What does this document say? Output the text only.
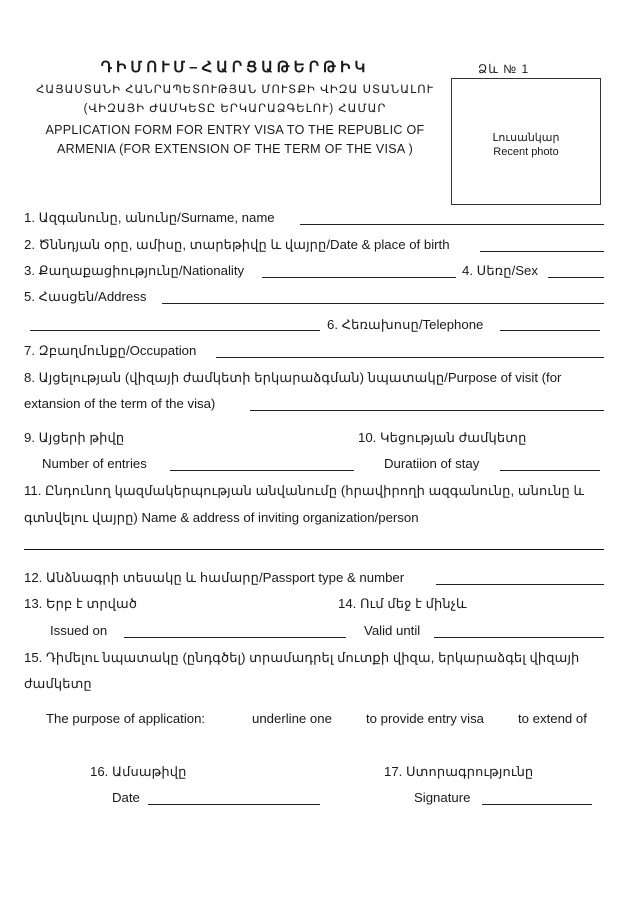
ԴԻՄՈՒՄ–ՀԱՐՑԱԹԵՐԹԻԿ
ՀԱՅԱՍՏԱՆԻ ՀԱՆՐԱՊԵՏՈՒԹՅԱՆ ՄՈՒՏՔԻ ՎԻԶԱ ՍՏԱՆԱԼՈՒ
(ՎԻԶԱՅԻ ԺԱՄԿԵՏԸ ԵՐԿԱՐԱՁԳԵԼՈՒ) ՀԱՄԱՐ
APPLICATION FORM FOR ENTRY VISA TO THE REPUBLIC OF
ARMENIA (FOR EXTENSION OF THE TERM OF THE VISA )
Ձև № 1
Լուսանկար
Recent photo
1. Ազգանունը, անունը/Surname, name
2. Ծննդյան օրը, ամիսը, տարեթիվը և վայրը/Date & place of birth
3. Քաղաքացիությունը/Nationality	4. Սեռը/Sex
5. Հասցեն/Address
6. Հեռախոսը/Telephone
7. Զբաղմունքը/Occupation
8. Այցելության (վիզայի ժամկետի երկարաձգման) նպատակը/Purpose of visit (for
extansion of the term of the visa)
9. Այցերի թիվը	10. Կեցության ժամկետը
Number of entries	Duratiion of stay
11. Ընդունող կազմակերպության անվանումը (հրավիրողի ազգանունը, անունը և
գտնվելու վայրը) Name & address of inviting organization/person
12. Անձնագրի տեսակը և համարը/Passport type & number
13. Երբ է տրված	14. Ում մեջ է մինչև
Issued on	Valid until
15. Դիմելու նպատակը (ընդգծել) տրամադրել մուտքի վիզա, երկարաձգել վիզայի
ժամկետը
The purpose of application:	underline one	to provide entry visa	to extend of
16. Ամսաթիվը	17. Ստորագրությունը
Date	Signature
